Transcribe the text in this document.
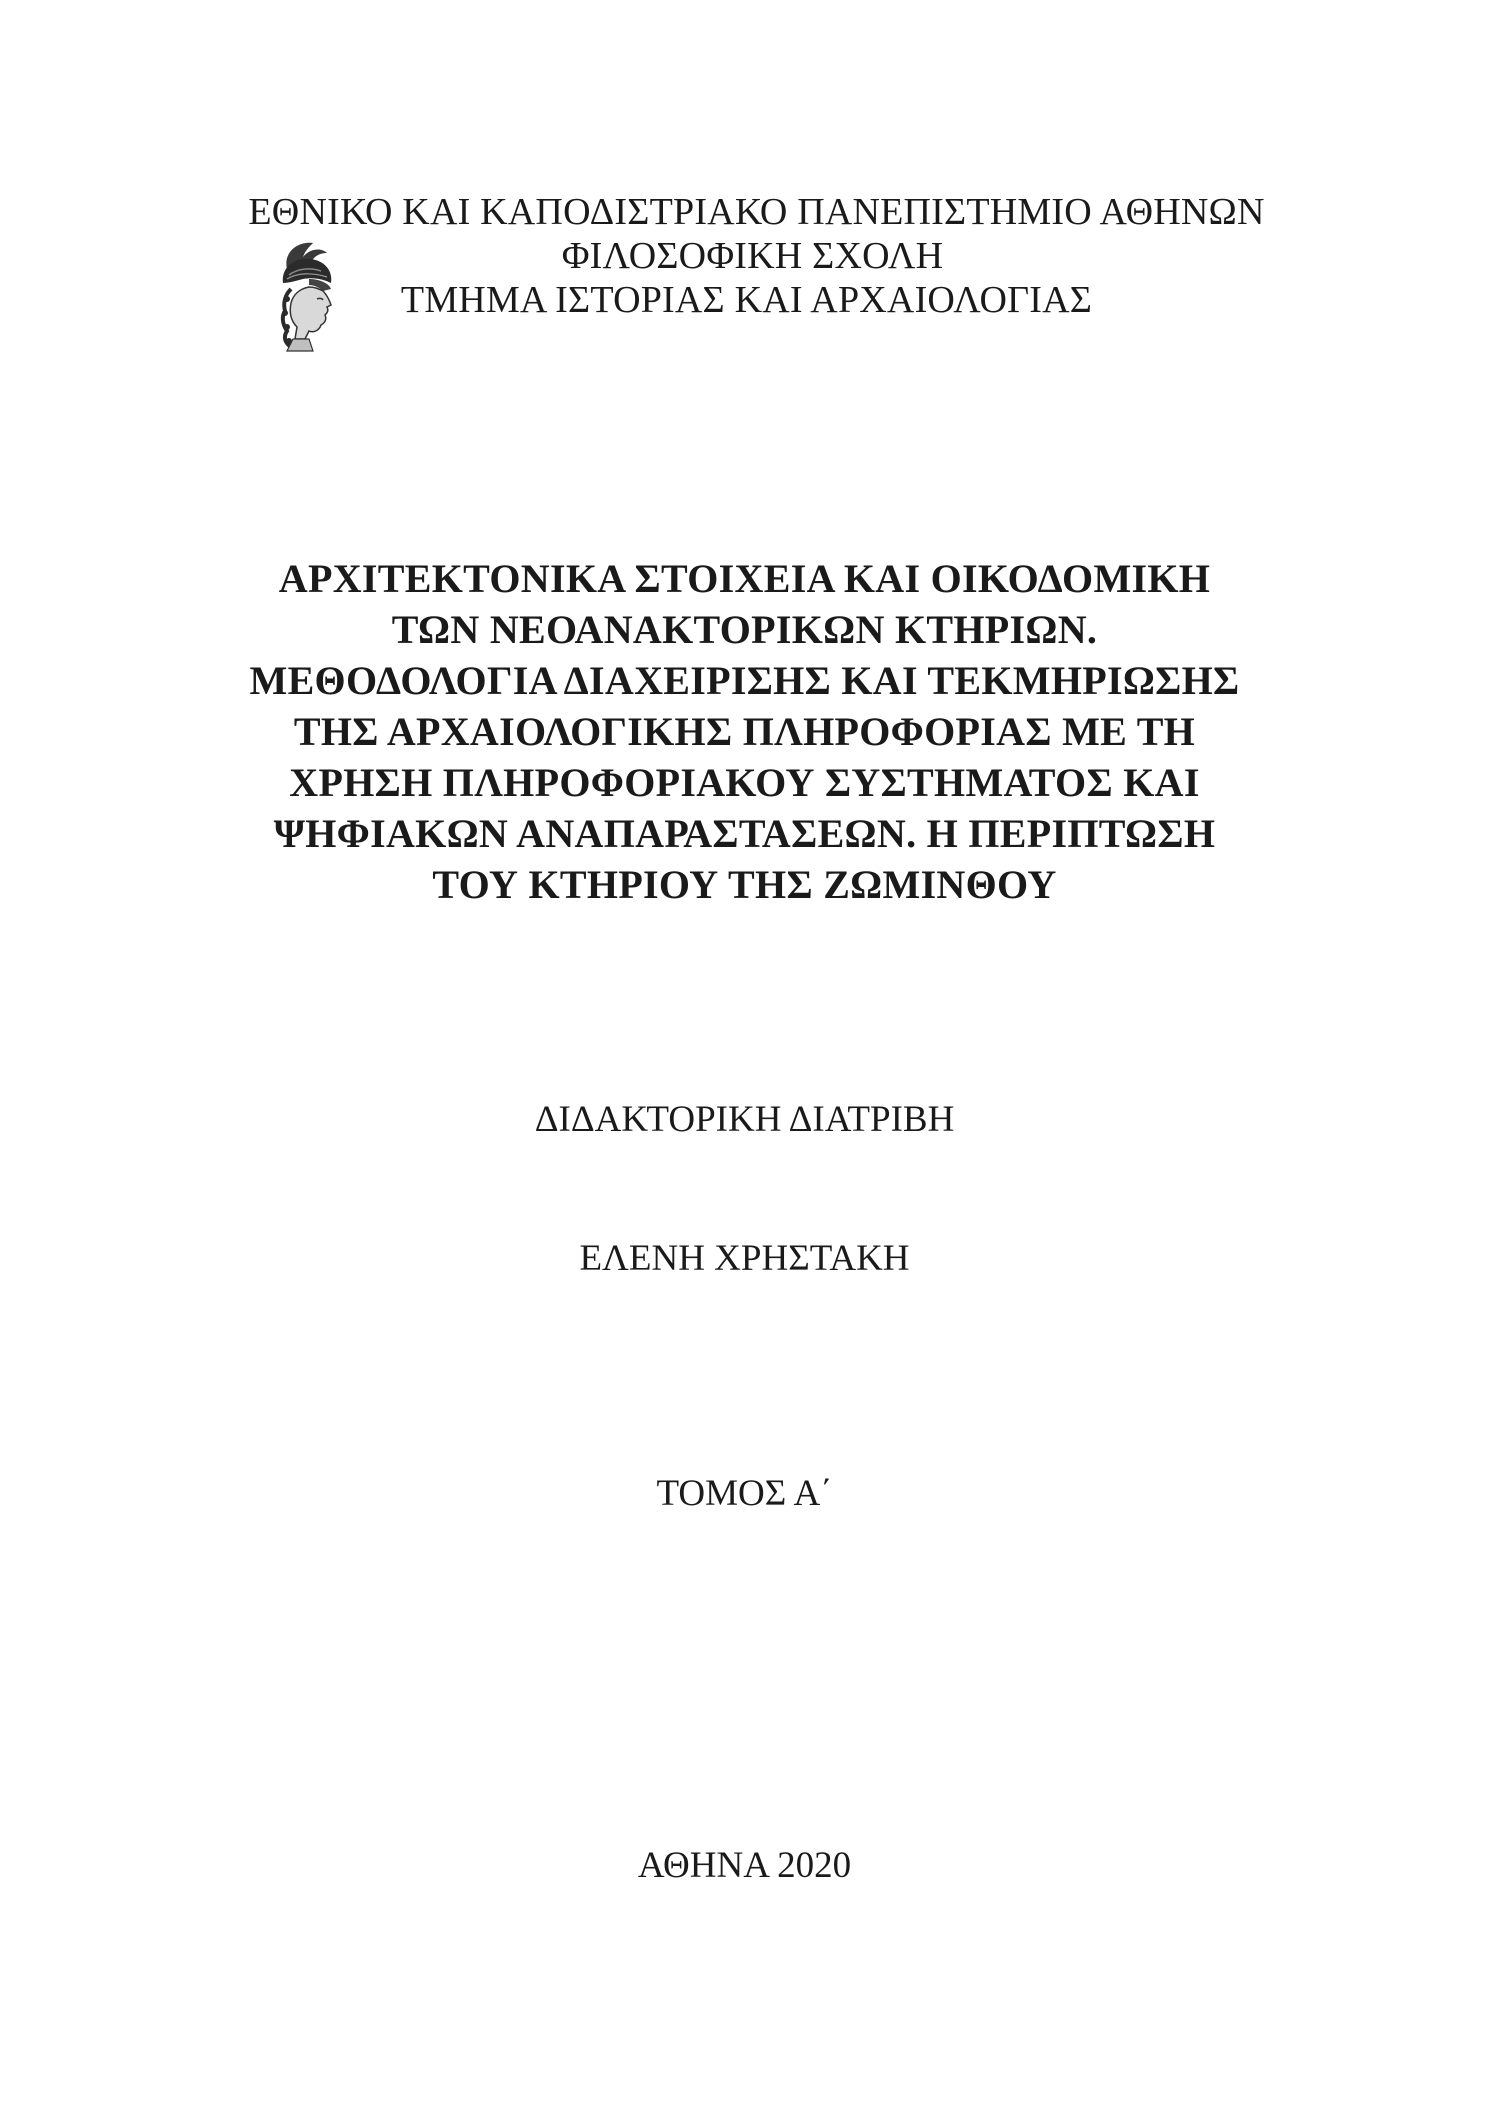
ΕΘΝΙΚΟ ΚΑΙ ΚΑΠΟΔΙΣΤΡΙΑΚΟ ΠΑΝΕΠΙΣΤΗΜΙΟ ΑΘΗΝΩΝ
ΦΙΛΟΣΟΦΙΚΗ ΣΧΟΛΗ
ΤΜΗΜΑ ΙΣΤΟΡΙΑΣ ΚΑΙ ΑΡΧΑΙΟΛΟΓΙΑΣ
ΑΡΧΙΤΕΚΤΟΝΙΚΑ ΣΤΟΙΧΕΙΑ ΚΑΙ ΟΙΚΟΔΟΜΙΚΗ
ΤΩΝ ΝΕΟΑΝΑΚΤΟΡΙΚΩΝ ΚΤΗΡΙΩΝ.
ΜΕΘΟΔΟΛΟΓΙΑ ΔΙΑΧΕΙΡΙΣΗΣ ΚΑΙ ΤΕΚΜΗΡΙΩΣΗΣ
ΤΗΣ ΑΡΧΑΙΟΛΟΓΙΚΗΣ ΠΛΗΡΟΦΟΡΙΑΣ ΜΕ ΤΗ
ΧΡΗΣΗ ΠΛΗΡΟΦΟΡΙΑΚΟΥ ΣΥΣΤΗΜΑΤΟΣ ΚΑΙ
ΨΗΦΙΑΚΩΝ ΑΝΑΠΑΡΑΣΤΑΣΕΩΝ. Η ΠΕΡΙΠΤΩΣΗ
ΤΟΥ ΚΤΗΡΙΟΥ ΤΗΣ ΖΩΜΙΝΘΟΥ
ΔΙΔΑΚΤΟΡΙΚΗ ΔΙΑΤΡΙΒΗ
ΕΛΕΝΗ ΧΡΗΣΤΑΚΗ
ΤΟΜΟΣ Α΄
ΑΘΗΝΑ 2020
